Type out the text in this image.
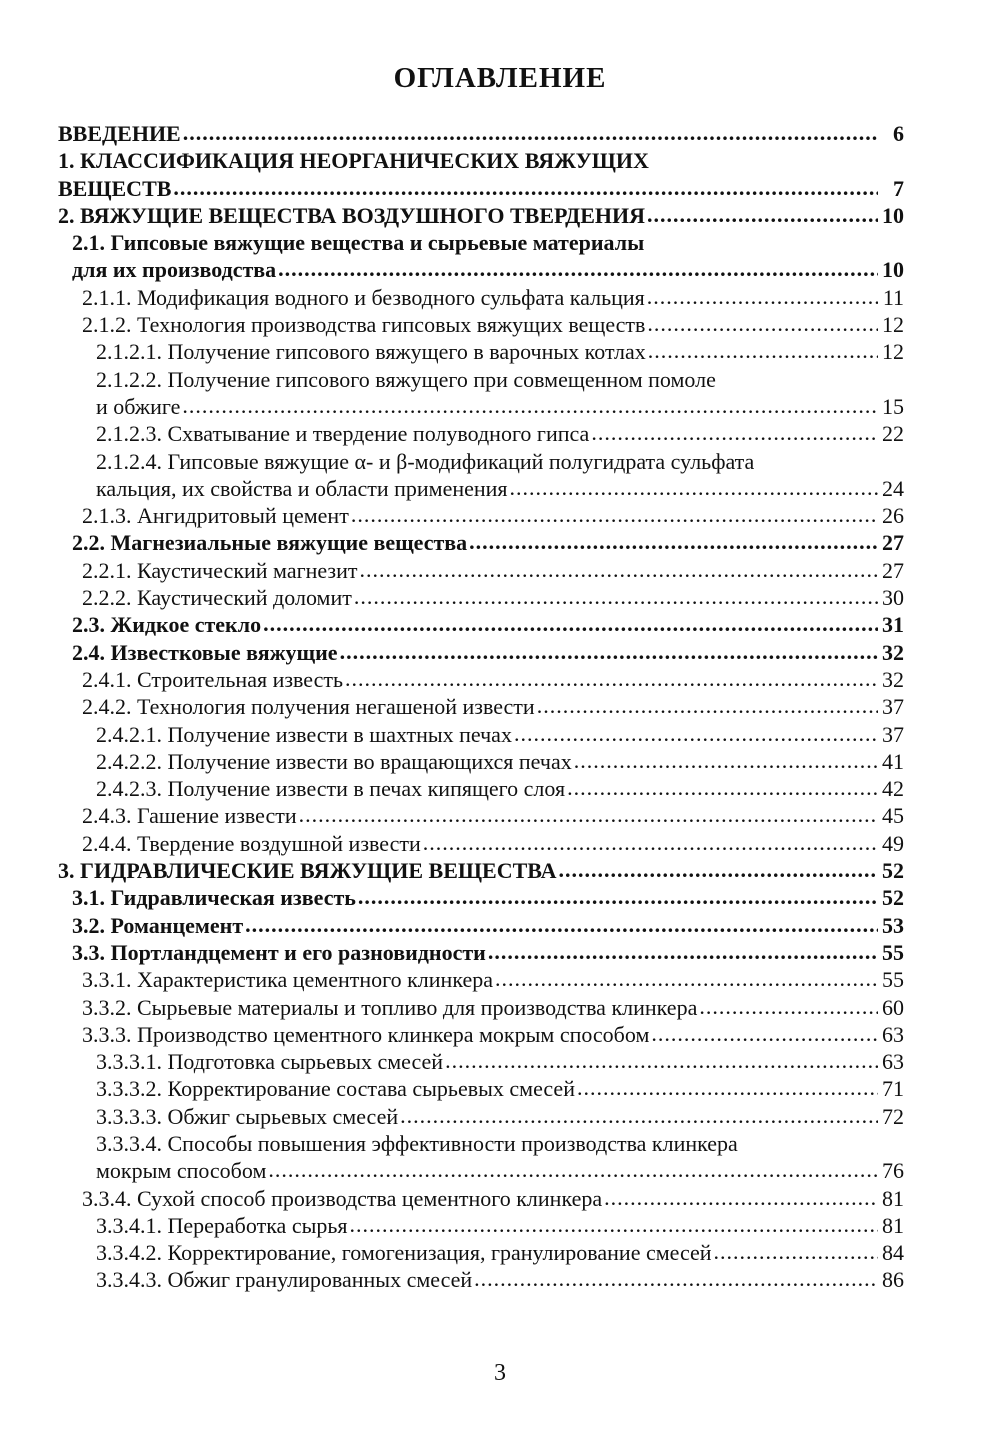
ОГЛАВЛЕНИЕ
ВВЕДЕНИЕ .....	6
1. КЛАССИФИКАЦИЯ НЕОРГАНИЧЕСКИХ ВЯЖУЩИХ
ВЕЩЕСТВ .....	7
2. ВЯЖУЩИЕ ВЕЩЕСТВА ВОЗДУШНОГО ТВЕРДЕНИЯ .....	10
2.1. Гипсовые вяжущие вещества и сырьевые материалы
для их производства .....	10
2.1.1. Модификация водного и безводного сульфата кальция .....	11
2.1.2. Технология производства гипсовых вяжущих веществ .....	12
2.1.2.1. Получение гипсового вяжущего в варочных котлах .....	12
2.1.2.2. Получение гипсового вяжущего при совмещенном помоле
и обжиге .....	15
2.1.2.3. Схватывание и твердение полуводного гипса .....	22
2.1.2.4. Гипсовые вяжущие α- и β-модификаций полугидрата сульфата
кальция, их свойства и области применения .....	24
2.1.3. Ангидритовый цемент .....	26
2.2. Магнезиальные вяжущие вещества .....	27
2.2.1. Каустический магнезит .....	27
2.2.2. Каустический доломит .....	30
2.3. Жидкое стекло .....	31
2.4. Известковые вяжущие .....	32
2.4.1. Строительная известь .....	32
2.4.2. Технология получения негашеной извести .....	37
2.4.2.1. Получение извести в шахтных печах .....	37
2.4.2.2. Получение извести во вращающихся печах .....	41
2.4.2.3. Получение извести в печах кипящего слоя .....	42
2.4.3. Гашение извести .....	45
2.4.4. Твердение воздушной извести .....	49
3. ГИДРАВЛИЧЕСКИЕ ВЯЖУЩИЕ ВЕЩЕСТВА .....	52
3.1. Гидравлическая известь .....	52
3.2. Романцемент .....	53
3.3. Портландцемент и его разновидности .....	55
3.3.1. Характеристика цементного клинкера .....	55
3.3.2. Сырьевые материалы и топливо для производства клинкера .....	60
3.3.3. Производство цементного клинкера мокрым способом .....	63
3.3.3.1. Подготовка сырьевых смесей .....	63
3.3.3.2. Корректирование состава сырьевых смесей .....	71
3.3.3.3. Обжиг сырьевых смесей .....	72
3.3.3.4. Способы повышения эффективности производства клинкера
мокрым способом .....	76
3.3.4. Сухой способ производства цементного клинкера .....	81
3.3.4.1. Переработка сырья .....	81
3.3.4.2. Корректирование, гомогенизация, гранулирование смесей .....	84
3.3.4.3. Обжиг гранулированных смесей .....	86
3
